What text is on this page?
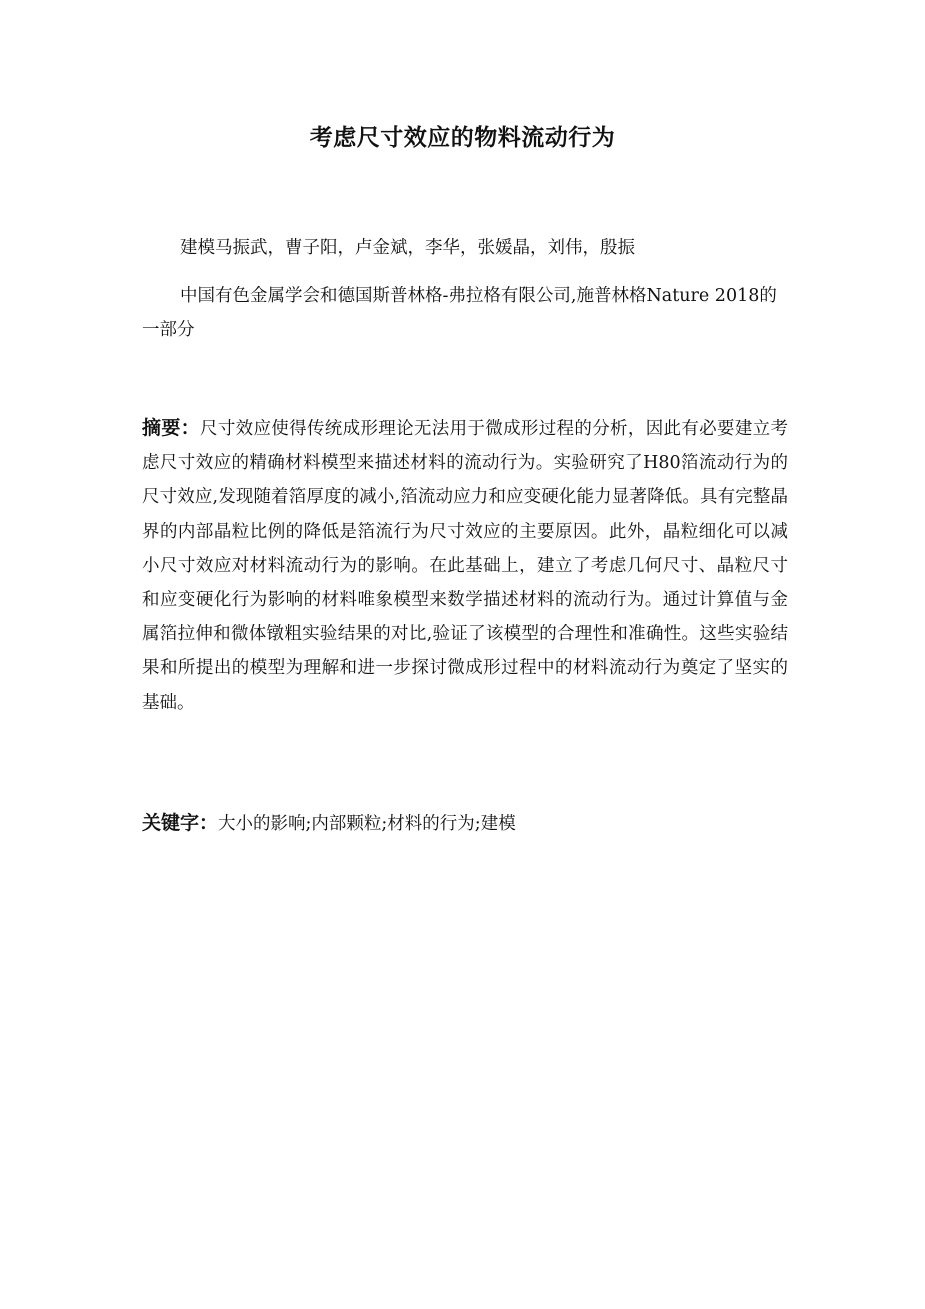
考虑尺寸效应的物料流动行为

建模马振武，曹子阳，卢金斌，李华，张媛晶，刘伟，殷振

中国有色金属学会和德国斯普林格-弗拉格有限公司,施普林格Nature 2018的一部分

摘要：尺寸效应使得传统成形理论无法用于微成形过程的分析，因此有必要建立考虑尺寸效应的精确材料模型来描述材料的流动行为。实验研究了H80箔流动行为的尺寸效应,发现随着箔厚度的减小,箔流动应力和应变硬化能力显著降低。具有完整晶界的内部晶粒比例的降低是箔流行为尺寸效应的主要原因。此外，晶粒细化可以减小尺寸效应对材料流动行为的影响。在此基础上，建立了考虑几何尺寸、晶粒尺寸和应变硬化行为影响的材料唯象模型来数学描述材料的流动行为。通过计算值与金属箔拉伸和微体镦粗实验结果的对比,验证了该模型的合理性和准确性。这些实验结果和所提出的模型为理解和进一步探讨微成形过程中的材料流动行为奠定了坚实的基础。

关键字：大小的影响;内部颗粒;材料的行为;建模
